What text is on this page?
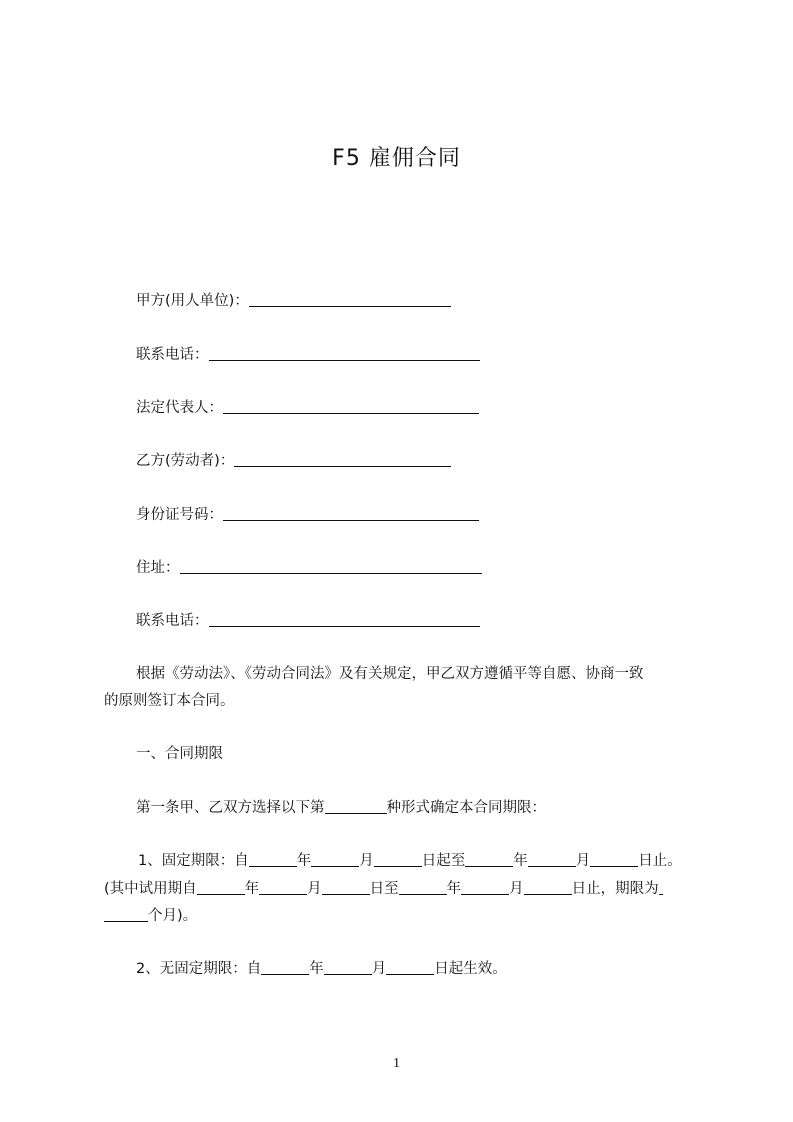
F5 雇佣合同
甲方(用人单位)：
联系电话：
法定代表人：
乙方(劳动者)：
身份证号码：
住址：
联系电话：
根据《劳动法》、《劳动合同法》及有关规定，甲乙双方遵循平等自愿、协商一致
的原则签订本合同。
一、合同期限
第一条甲、乙双方选择以下第	种形式确定本合同期限：
1、固定期限：自	年	月	日起至	年	月	日止。
(其中试用期自	年	月	日至	年	月	日止，期限为
个月)。
2、无固定期限：自	年	月	日起生效。
1
